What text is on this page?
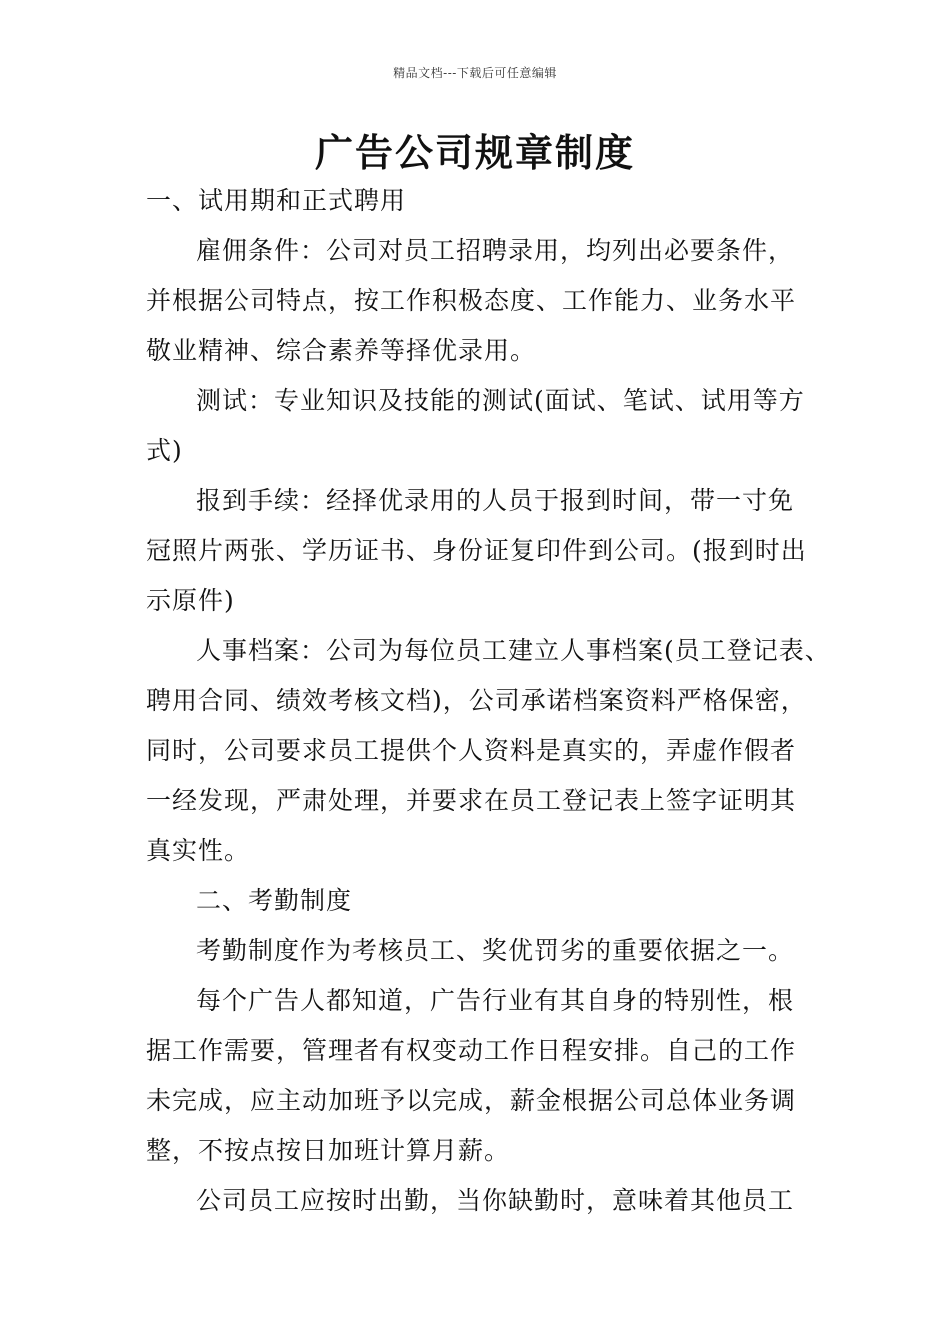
精品文档---下载后可任意编辑
广告公司规章制度

一、试用期和正式聘用

雇佣条件：公司对员工招聘录用，均列出必要条件，

并根据公司特点，按工作积极态度、工作能力、业务水平

敬业精神、综合素养等择优录用。

测试：专业知识及技能的测试(面试、笔试、试用等方

式)

报到手续：经择优录用的人员于报到时间，带一寸免

冠照片两张、学历证书、身份证复印件到公司。(报到时出

示原件)

人事档案：公司为每位员工建立人事档案(员工登记表、

聘用合同、绩效考核文档)，公司承诺档案资料严格保密，

同时，公司要求员工提供个人资料是真实的，弄虚作假者

一经发现，严肃处理，并要求在员工登记表上签字证明其

真实性。

二、考勤制度

考勤制度作为考核员工、奖优罚劣的重要依据之一。

每个广告人都知道，广告行业有其自身的特别性，根

据工作需要，管理者有权变动工作日程安排。自己的工作

未完成，应主动加班予以完成，薪金根据公司总体业务调

整，不按点按日加班计算月薪。

公司员工应按时出勤，当你缺勤时，意味着其他员工
